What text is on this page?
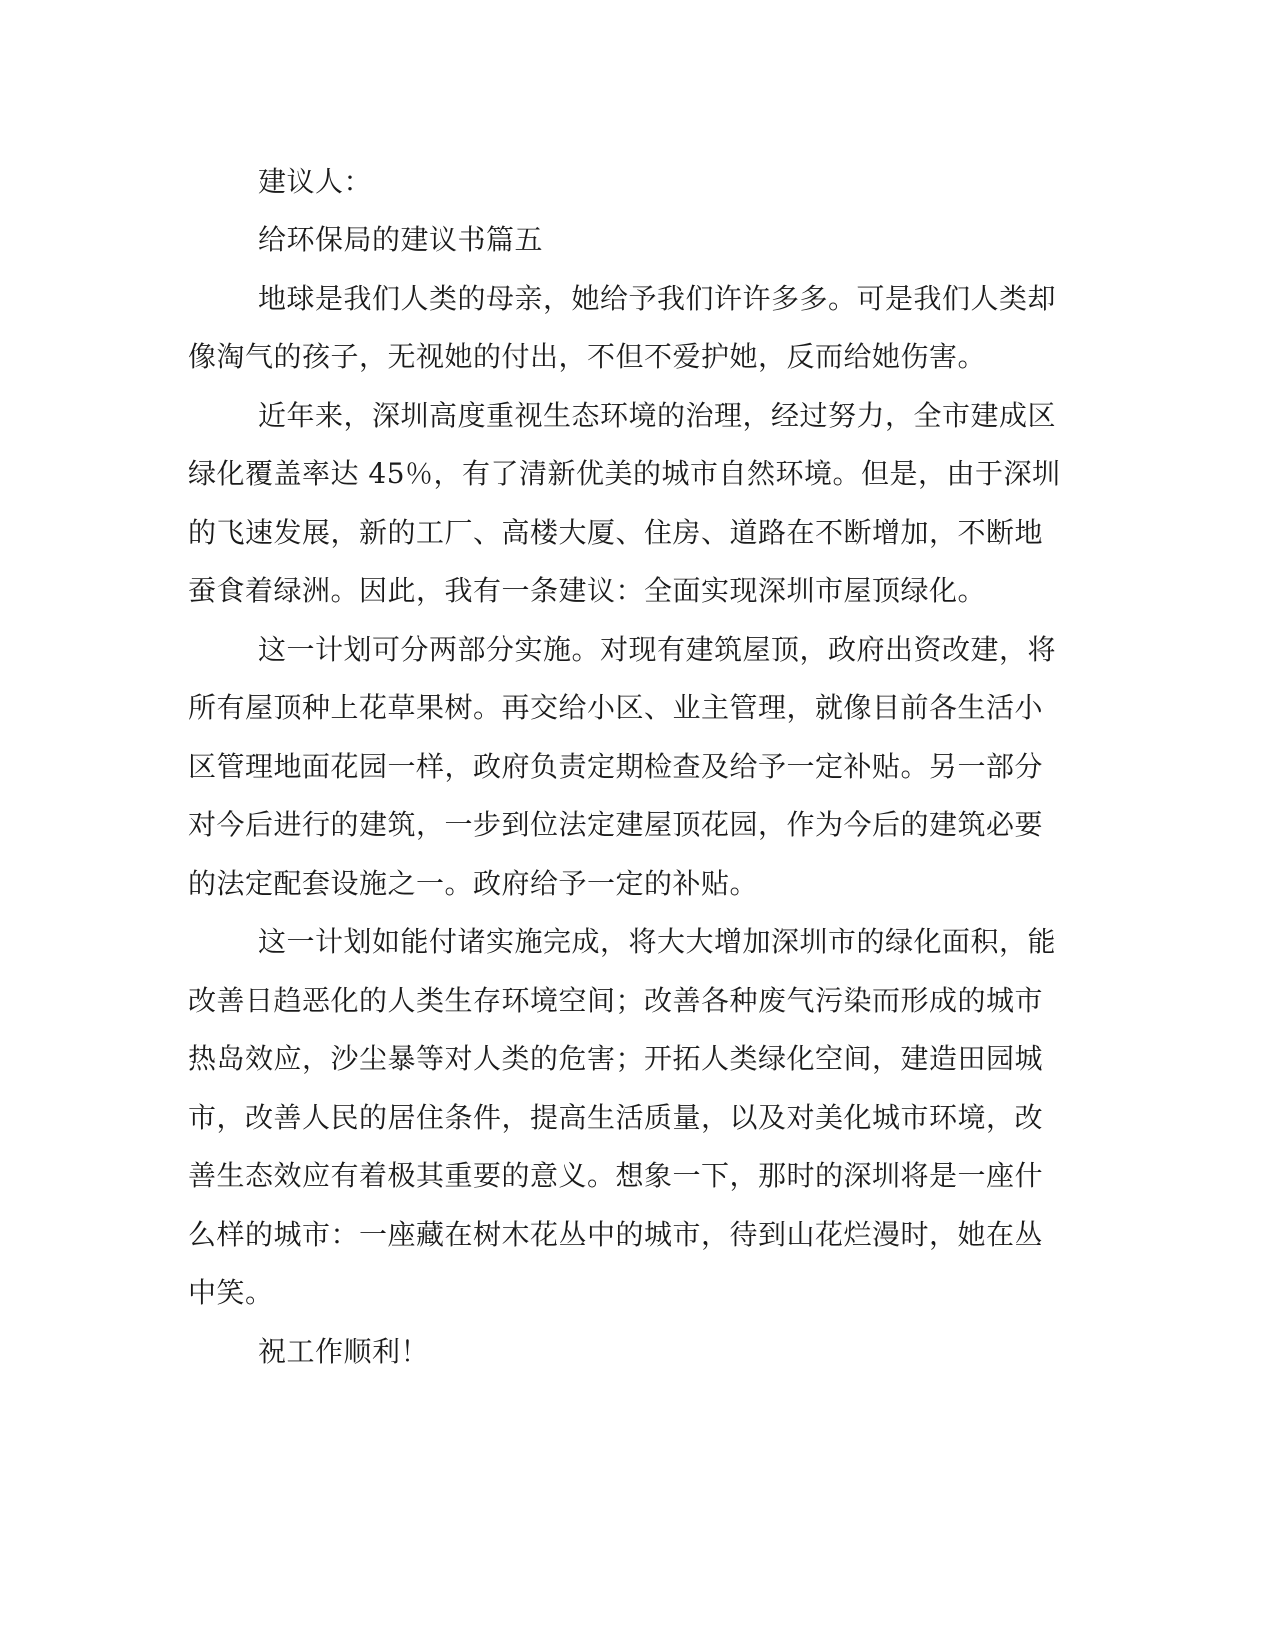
建议人：
给环保局的建议书篇五
地球是我们人类的母亲，她给予我们许许多多。可是我们人类却
像淘气的孩子，无视她的付出，不但不爱护她，反而给她伤害。
近年来，深圳高度重视生态环境的治理，经过努力，全市建成区
绿化覆盖率达 45％，有了清新优美的城市自然环境。但是，由于深圳
的飞速发展，新的工厂、高楼大厦、住房、道路在不断增加，不断地
蚕食着绿洲。因此，我有一条建议：全面实现深圳市屋顶绿化。
这一计划可分两部分实施。对现有建筑屋顶，政府出资改建，将
所有屋顶种上花草果树。再交给小区、业主管理，就像目前各生活小
区管理地面花园一样，政府负责定期检查及给予一定补贴。另一部分
对今后进行的建筑，一步到位法定建屋顶花园，作为今后的建筑必要
的法定配套设施之一。政府给予一定的补贴。
这一计划如能付诸实施完成，将大大增加深圳市的绿化面积，能
改善日趋恶化的人类生存环境空间；改善各种废气污染而形成的城市
热岛效应，沙尘暴等对人类的危害；开拓人类绿化空间，建造田园城
市，改善人民的居住条件，提高生活质量，以及对美化城市环境，改
善生态效应有着极其重要的意义。想象一下，那时的深圳将是一座什
么样的城市：一座藏在树木花丛中的城市，待到山花烂漫时，她在丛
中笑。
祝工作顺利！
